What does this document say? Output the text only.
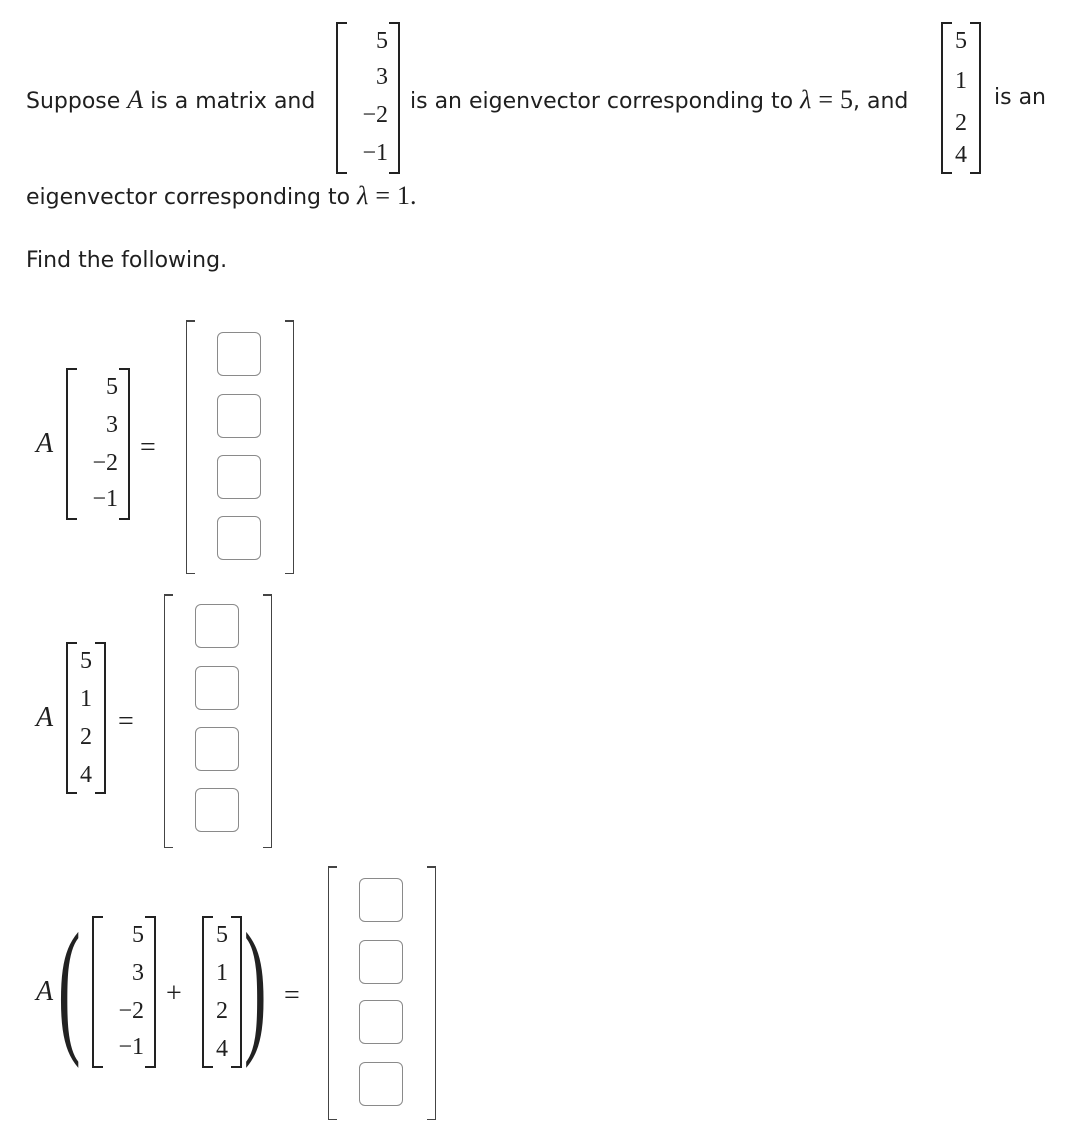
Suppose A is a matrix and
5
3
−2
−1
is an eigenvector corresponding to λ = 5, and
5
1
2
4
is an
eigenvector corresponding to λ = 1.
Find the following.
A
5
3
−2
−1
=
A
5
1
2
4
=
A (	5
3
−2
−1
+
5
1
2
4 ) =
